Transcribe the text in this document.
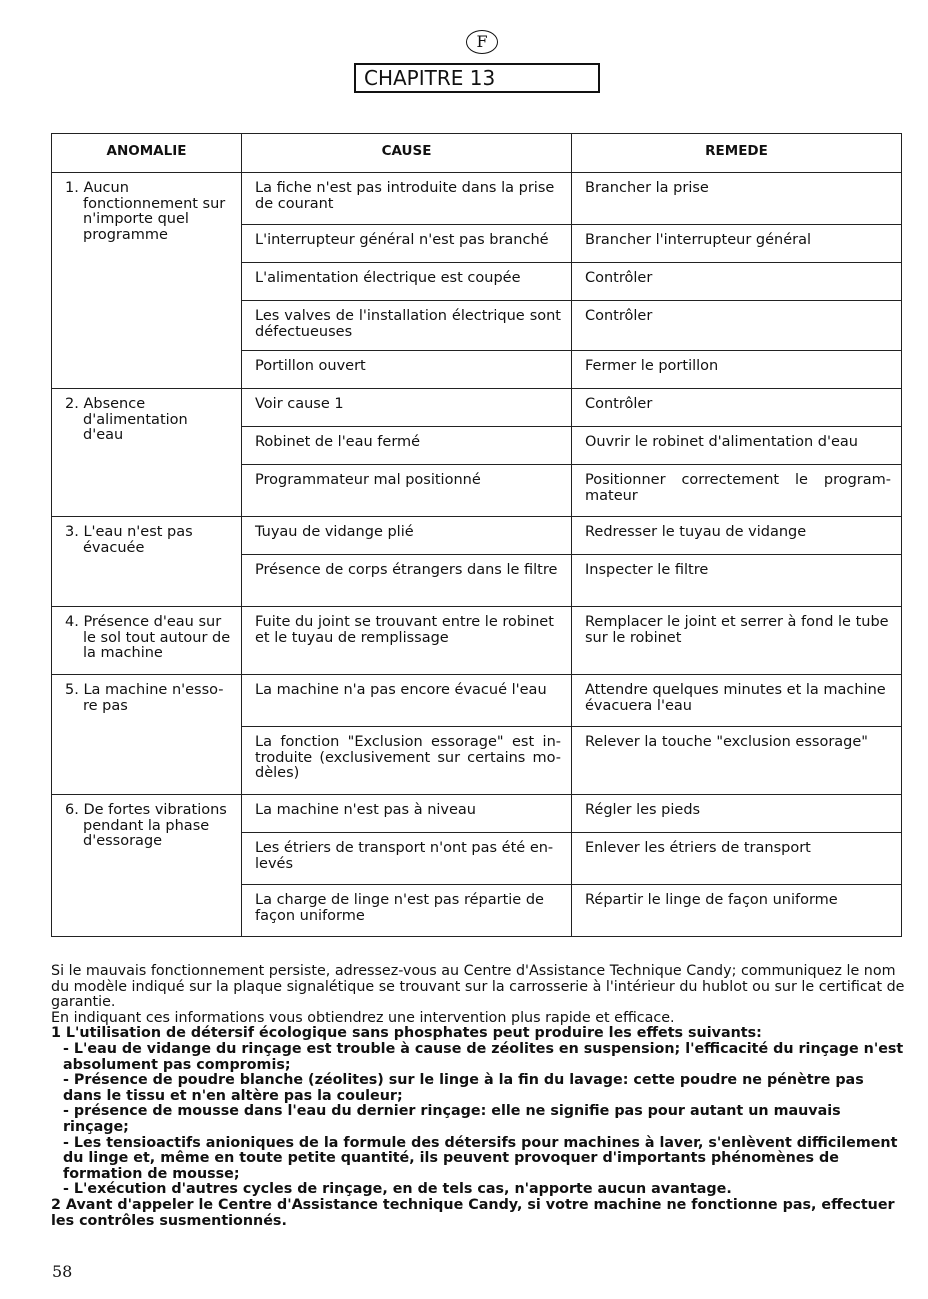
F
CHAPITRE 13
ANOMALIE	CAUSE	REMEDE

1. Aucun fonctionnement sur n'importe quel programme	La fiche n'est pas introduite dans la prise de courant	Brancher la prise
	L'interrupteur général n'est pas branché	Brancher l'interrupteur général
	L'alimentation électrique est coupée	Contrôler
	Les valves de l'installation électrique sont défectueuses	Contrôler
	Portillon ouvert	Fermer le portillon

2. Absence d'alimentation d'eau	Voir cause 1	Contrôler
	Robinet de l'eau fermé	Ouvrir le robinet d'alimentation d'eau
	Programmateur mal positionné	Positionner correctement le program-mateur

3. L'eau n'est pas évacuée	Tuyau de vidange plié	Redresser le tuyau de vidange
	Présence de corps étrangers dans le filtre	Inspecter le filtre

4. Présence d'eau sur le sol tout autour de la machine	Fuite du joint se trouvant entre le robinet et le tuyau de remplissage	Remplacer le joint et serrer à fond le tube sur le robinet

5. La machine n'esso-re pas	La machine n'a pas encore évacué l'eau	Attendre quelques minutes et la machine évacuera l'eau
	La fonction "Exclusion essorage" est in-troduite (exclusivement sur certains mo-dèles)	Relever la touche "exclusion essorage"

6. De fortes vibrations pendant la phase d'essorage	La machine n'est pas à niveau	Régler les pieds
	Les étriers de transport n'ont pas été en-levés	Enlever les étriers de transport
	La charge de linge n'est pas répartie de façon uniforme	Répartir le linge de façon uniforme

Si le mauvais fonctionnement persiste, adressez-vous au Centre d'Assistance Technique Candy; communiquez le nom du modèle indiqué sur la plaque signalétique se trouvant sur la carrosserie à l'intérieur du hublot ou sur le certificat de garantie.

En indiquant ces informations vous obtiendrez une intervention plus rapide et efficace.

1 L'utilisation de détersif écologique sans phosphates peut produire les effets suivants:

- L'eau de vidange du rinçage est trouble à cause de zéolites en suspension; l'efficacité du rinçage n'est absolument pas compromis;

- Présence de poudre blanche (zéolites) sur le linge à la fin du lavage: cette poudre ne pénètre pas dans le tissu et n'en altère pas la couleur;

- présence de mousse dans l'eau du dernier rinçage: elle ne signifie pas pour autant un mauvais rinçage;

- Les tensioactifs anioniques de la formule des détersifs pour machines à laver, s'enlèvent difficilement du linge et, même en toute petite quantité, ils peuvent provoquer d'importants phénomènes de formation de mousse;

- L'exécution d'autres cycles de rinçage, en de tels cas, n'apporte aucun avantage.

2 Avant d'appeler le Centre d'Assistance technique Candy, si votre machine ne fonctionne pas, effectuer les contrôles susmentionnés.

58
